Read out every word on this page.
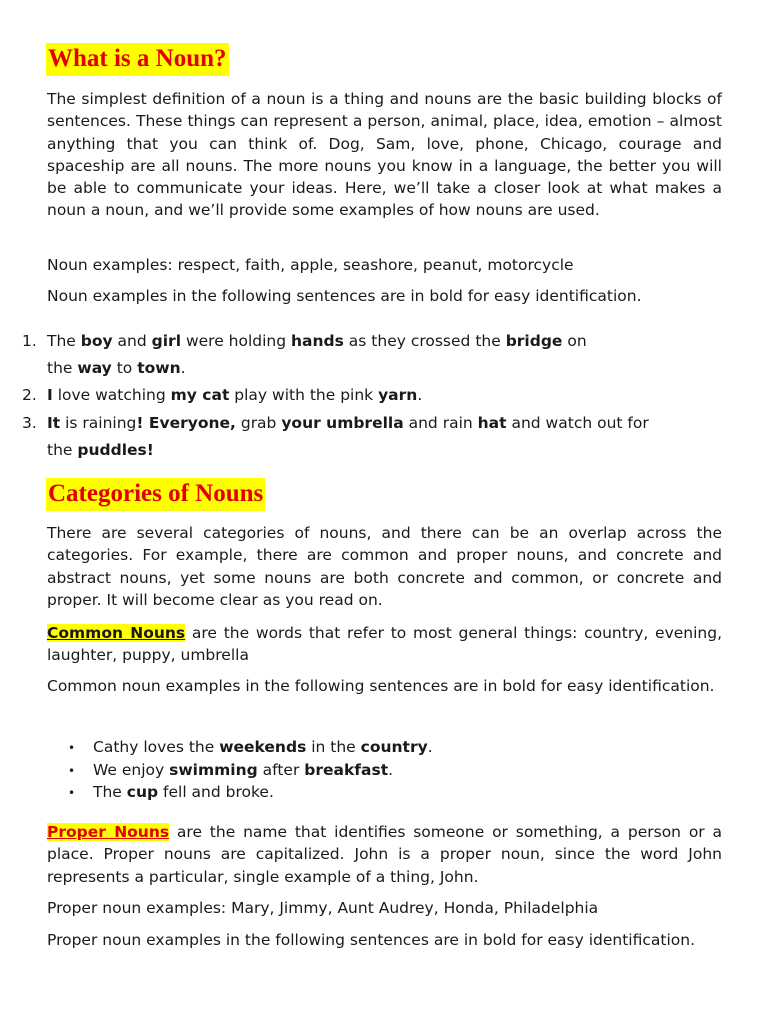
What is a Noun?

The simplest definition of a noun is a thing and nouns are the basic building blocks of sentences. These things can represent a person, animal, place, idea, emotion – almost anything that you can think of. Dog, Sam, love, phone, Chicago, courage and spaceship are all nouns. The more nouns you know in a language, the better you will be able to communicate your ideas. Here, we’ll take a closer look at what makes a noun a noun, and we’ll provide some examples of how nouns are used.

Noun examples: respect, faith, apple, seashore, peanut, motorcycle

Noun examples in the following sentences are in bold for easy identification.

1. The boy and girl were holding hands as they crossed the bridge on

the way to town.

2. I love watching my cat play with the pink yarn.

3. It is raining! Everyone, grab your umbrella and rain hat and watch out for

the puddles!

Categories of Nouns

There are several categories of nouns, and there can be an overlap across the categories. For example, there are common and proper nouns, and concrete and abstract nouns, yet some nouns are both concrete and common, or concrete and proper. It will become clear as you read on.

Common Nouns are the words that refer to most general things: country, evening, laughter, puppy, umbrella

Common noun examples in the following sentences are in bold for easy identification.

• Cathy loves the weekends in the country.

• We enjoy swimming after breakfast.

• The cup fell and broke.

Proper Nouns are the name that identifies someone or something, a person or a place. Proper nouns are capitalized. John is a proper noun, since the word John represents a particular, single example of a thing, John.

Proper noun examples: Mary, Jimmy, Aunt Audrey, Honda, Philadelphia

Proper noun examples in the following sentences are in bold for easy identification.
